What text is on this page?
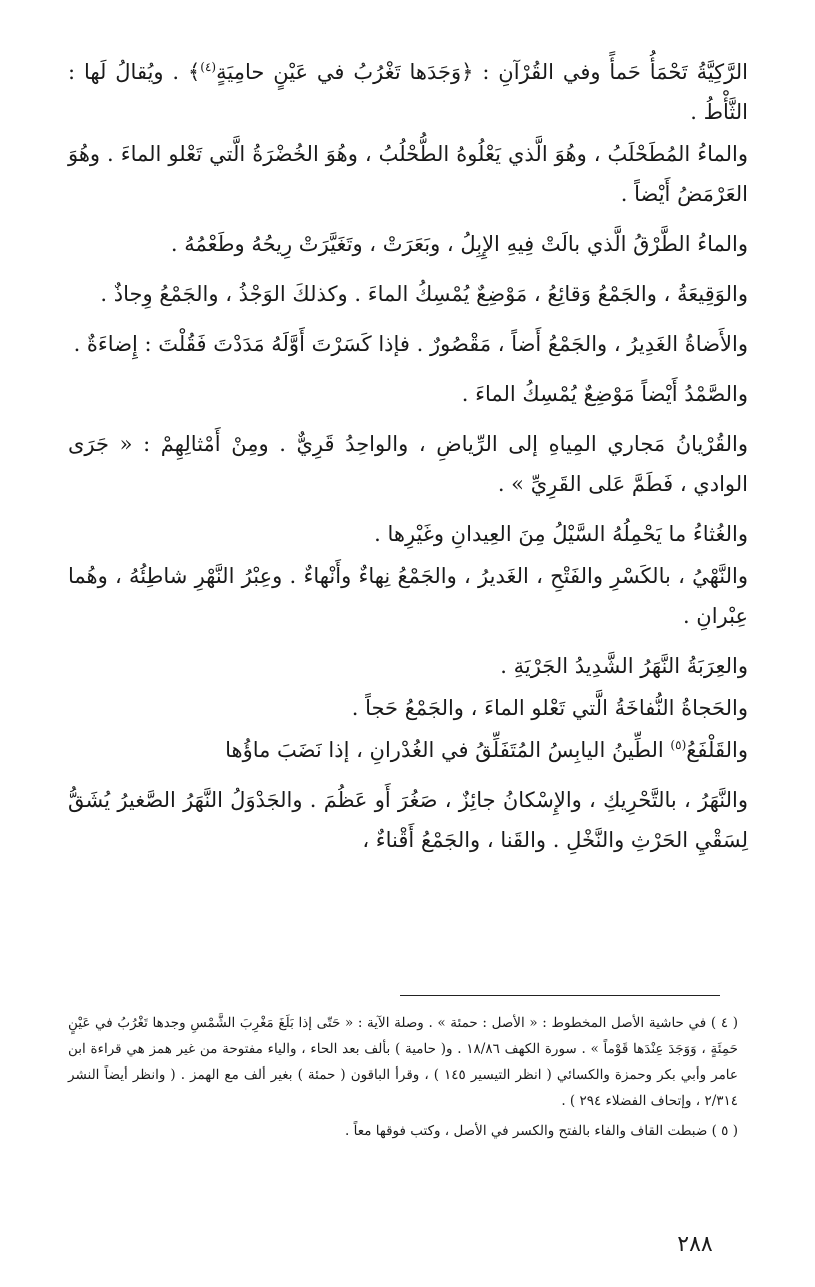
الرَّكِيَّةُ تَحْمَأُ حَمأً وفي القُرْآنِ : ﴿وَجَدَها تَغْرُبُ في عَيْنٍ حامِيَةٍ$^{(٤)}$﴾ . ويُقالُ لَها : الثَّأْطُ .

والماءُ المُطَحْلَبُ ، وهُوَ الَّذي يَعْلُوهُ الطُّحْلُبُ ، وهُوَ الخُضْرَةُ الَّتي تَعْلو الماءَ . وهُوَ العَرْمَضُ أَيْضاً .

والماءُ الطَّرْقُ الَّذي بالَتْ فِيهِ الإِبِلُ ، وبَعَرَتْ ، وتَغَيَّرَتْ رِيحُهُ وطَعْمُهُ .

والوَقِيعَةُ ، والجَمْعُ وَقائِعُ ، مَوْضِعٌ يُمْسِكُ الماءَ . وكذلكَ الوَجْذُ ، والجَمْعُ وِجاذٌ .

والأَضاةُ الغَدِيرُ ، والجَمْعُ أَضاً ، مَقْصُورٌ . فإذا كَسَرْتَ أَوَّلَهُ مَدَدْتَ فَقُلْتَ : إِضاءَةٌ .

والصَّمْدُ أَيْضاً مَوْضِعٌ يُمْسِكُ الماءَ .

والقُرْيانُ مَجاري المِياهِ إلى الرِّياضِ ، والواحِدُ قَرِيٌّ . ومِنْ أَمْثالِهِمْ : « جَرَى الوادي ، فَطَمَّ عَلى القَرِيِّ » .

والغُثاءُ ما يَحْمِلُهُ السَّيْلُ مِنَ العِيدانِ وغَيْرِها .

والنَّهْيُ ، بالكَسْرِ والفَتْحِ ، الغَديرُ ، والجَمْعُ نِهاءٌ وأَنْهاءٌ . وعِبْرُ النَّهْرِ شاطِئُهُ ، وهُما عِبْرانِ .

والعِرَبَةُ النَّهَرُ الشَّدِيدُ الجَرْيَةِ .

والحَجاةُ النُّفاخَةُ الَّتي تَعْلو الماءَ ، والجَمْعُ حَجاً .

والقَلْفَعُ$^{(٥)}$ الطِّينُ اليابِسُ المُتَفَلِّقُ في الغُدْرانِ ، إذا نَضَبَ ماؤُها

والنَّهَرُ ، بالتَّحْرِيكِ ، والإِسْكانُ جائِزٌ ، صَغُرَ أَو عَظُمَ . والجَدْوَلُ النَّهَرُ الصَّغيرُ يُشَقُّ لِسَقْيِ الحَرْثِ والنَّخْلِ . والقَنا ، والجَمْعُ أَقْناءٌ ،

( ٤ ) في حاشية الأصل المخطوط : « الأصل : حمئة » . وصلة الآية : « حَتّى إذا بَلَغَ مَغْرِبَ الشَّمْسِ وجدها تَغْرُبُ في عَيْنٍ حَمِئَةٍ ، وَوَجَدَ عِنْدَها قَوْماً » . سورة الكهف ١٨/٨٦ . و( حامية ) بألف بعد الحاء ، والياء مفتوحة من غير همز هي قراءة ابن عامر وأبي بكر وحمزة والكسائي ( انظر التيسير ١٤٥ ) ، وقرأ الباقون ( حمئة ) بغير ألف مع الهمز . ( وانظر أيضاً النشر ٢/٣١٤ ، وإتحاف الفضلاء ٢٩٤ ) .

( ٥ ) ضبطت القاف والفاء بالفتح والكسر في الأصل ، وكتب فوقها معاً .

٢٨٨
